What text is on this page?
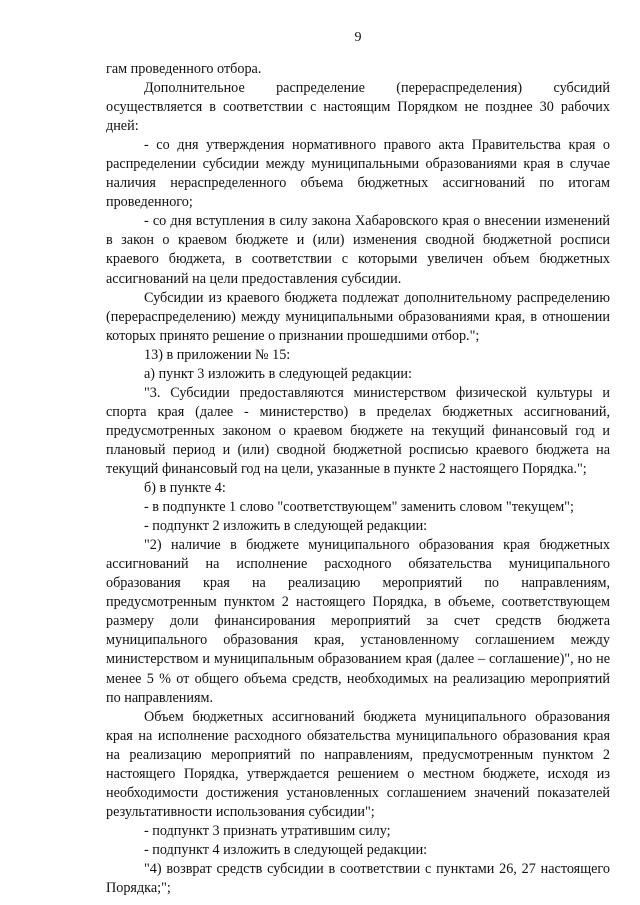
9

гам проведенного отбора.

Дополнительное распределение (перераспределения) субсидий осуществляется в соответствии с настоящим Порядком не позднее 30 рабочих дней:

- со дня утверждения нормативного правого акта Правительства края о распределении субсидии между муниципальными образованиями края в случае наличия нераспределенного объема бюджетных ассигнований по итогам проведенного;

- со дня вступления в силу закона Хабаровского края о внесении изменений в закон о краевом бюджете и (или) изменения сводной бюджетной росписи краевого бюджета, в соответствии с которыми увеличен объем бюджетных ассигнований на цели предоставления субсидии.

Субсидии из краевого бюджета подлежат дополнительному распределению (перераспределению) между муниципальными образованиями края, в отношении которых принято решение о признании прошедшими отбор.";

13) в приложении № 15:

а) пункт 3 изложить в следующей редакции:

"3. Субсидии предоставляются министерством физической культуры и спорта края (далее - министерство) в пределах бюджетных ассигнований, предусмотренных законом о краевом бюджете на текущий финансовый год и плановый период и (или) сводной бюджетной росписью краевого бюджета на текущий финансовый год на цели, указанные в пункте 2 настоящего Порядка.";

б) в пункте 4:

- в подпункте 1 слово "соответствующем" заменить словом "текущем";

- подпункт 2 изложить в следующей редакции:

"2) наличие в бюджете муниципального образования края бюджетных ассигнований на исполнение расходного обязательства муниципального образования края на реализацию мероприятий по направлениям, предусмотренным пунктом 2 настоящего Порядка, в объеме, соответствующем размеру доли финансирования мероприятий за счет средств бюджета муниципального образования края, установленному соглашением между министерством и муниципальным образованием края (далее – соглашение)", но не менее 5 % от общего объема средств, необходимых на реализацию мероприятий по направлениям.

Объем бюджетных ассигнований бюджета муниципального образования края на исполнение расходного обязательства муниципального образования края на реализацию мероприятий по направлениям, предусмотренным пунктом 2 настоящего Порядка, утверждается решением о местном бюджете, исходя из необходимости достижения установленных соглашением значений показателей результативности использования субсидии";

- подпункт 3 признать утратившим силу;

- подпункт 4 изложить в следующей редакции:

"4) возврат средств субсидии в соответствии с пунктами 26, 27 настоящего Порядка;";
